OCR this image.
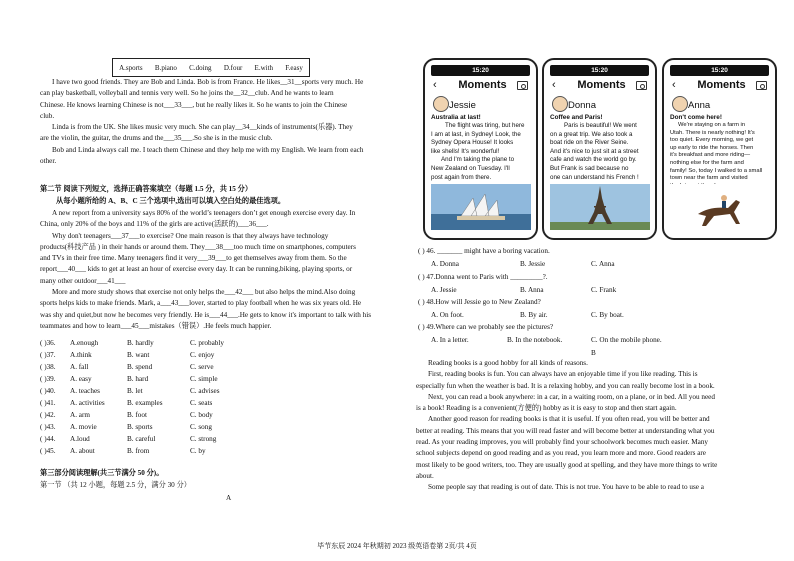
A.sports B.piano C.doing D.four E.with F.easy
I have two good friends. They are Bob and Linda. Bob is from France. He likes__31__sports very much. He
can play basketball, volleyball and tennis very well. So he joins the__32__club. And he wants to learn
Chinese. He knows learning Chinese is not___33___, but he really likes it. So he wants to join the Chinese
club.
Linda is from the UK. She likes music very much. She can play__34__kinds of instruments(乐器). They
are the violin, the guitar, the drums and the___35___.So she is in the music club.
Bob and Linda always call me. I teach them Chinese and they help me with my English. We learn from each
other.
第二节 阅读下列短文，选择正确答案填空（每题 1.5 分，共 15 分）
从每小题所给的 A、B、C 三个选项中,选出可以填入空白处的最佳选项。
A new report from a university says 80% of the world’s teenagers don’t get enough exercise every day. In
China, only 20% of the boys and 11% of the girls are active(活跃的)___36___.
Why don't teenagers___37___to exercise? One main reason is that they always have technology
products(科技产品 ) in their hands or around them. They___38___too much time on smartphones, computers
and TVs in their free time. Many teenagers find it very___39___to get themselves away from them. So the
report___40___ kids to get at least an hour of exercise every day. It can be running,biking, playing sports, or
many other outdoor___41___
More and more study shows that exercise not only helps the___42___ but also helps the mind.Also doing
sports helps kids to make friends. Mark, a___43___lover, started to play football when he was six years old. He
was shy and quiet,but now he becomes very friendly. He is___44___.He gets to know it's important to talk with his
teammates and how to learn___45___mistakes（错误）.He feels much happier.
( )36. A.enough	B. hardly	C. probably
( )37. A.think	B. want	C. enjoy
( )38. A. fall	B. spend	C. serve
( )39. A. easy	B. hard	C. simple
( )40. A. teaches	B. let	C. advises
( )41. A. activities	B. examples	C. seats
( )42. A. arm	B. foot	C. body
( )43. A. movie	B. sports	C. song
( )44. A.loud	B. careful	C. strong
( )45. A. about	B. from	C. by
第三部分阅读理解(共三节满分 50 分)。
第一节 （共 12 小题，每题 2.5 分，满分 30 分）
A
15:20
‹	Moments
Jessie
Australia at last!
The flight was tiring, but here
I am at last, in Sydney! Look, the
Sydney Opera House! It looks
like shells! It's wonderful!
And I'm taking the plane to
New Zealand on Tuesday. I'll
post again from there.
15:20
‹	Moments
Donna
Coffee and Paris!
Paris is beautiful! We went
on a great trip. We also took a
boat ride on the River Seine.
And it's nice to just sit at a street
cafe and watch the world go by.
But Frank is sad because no
one can understand his French !
15:20
‹	Moments
Anna
Don't come here!
We're staying on a farm in
Utah. There is nearly nothing! It's
too quiet. Every morning, we get
up early to ride the horses. Then
it's breakfast and more riding—
nothing else for the farm and
family! So, today I walked to a small
town near the farm and visited
( ) 46. _______ might have a boring vacation.
A. Donna	B. Jessie	C. Anna
( ) 47.Donna went to Paris with _________?.
A. Jessie	B. Anna	C. Frank
( ) 48.How will Jessie go to New Zealand?
A. On foot.	B. By air.	C. By boat.
( ) 49.Where can we probably see the pictures?
A. In a letter.	B. In the notebook.	C. On the mobile phone.
B
Reading books is a good hobby for all kinds of reasons.
First, reading books is fun. You can always have an enjoyable time if you like reading. This is
especially fun when the weather is bad. It is a relaxing hobby, and you can really become lost in a book.
Next, you can read a book anywhere: in a car, in a waiting room, on a plane, or in bed. All you need
is a book! Reading is a convenient(方便的) hobby as it is easy to stop and then start again.
Another good reason for reading books is that it is useful. If you often read, you will be better and
better at reading. This means that you will read faster and will become better at understanding what you
read. As your reading improves, you will probably find your schoolwork becomes much easier. Many
school subjects depend on good reading and as you read, you learn more and more. Good readers are
most likely to be good writers, too. They are usually good at spelling, and they have more things to write
about.
Some people say that reading is out of date. This is not true. You have to be able to read to use a
毕节东辰 2024 年秋期初 2023 级英语卷第 2页/共 4页
